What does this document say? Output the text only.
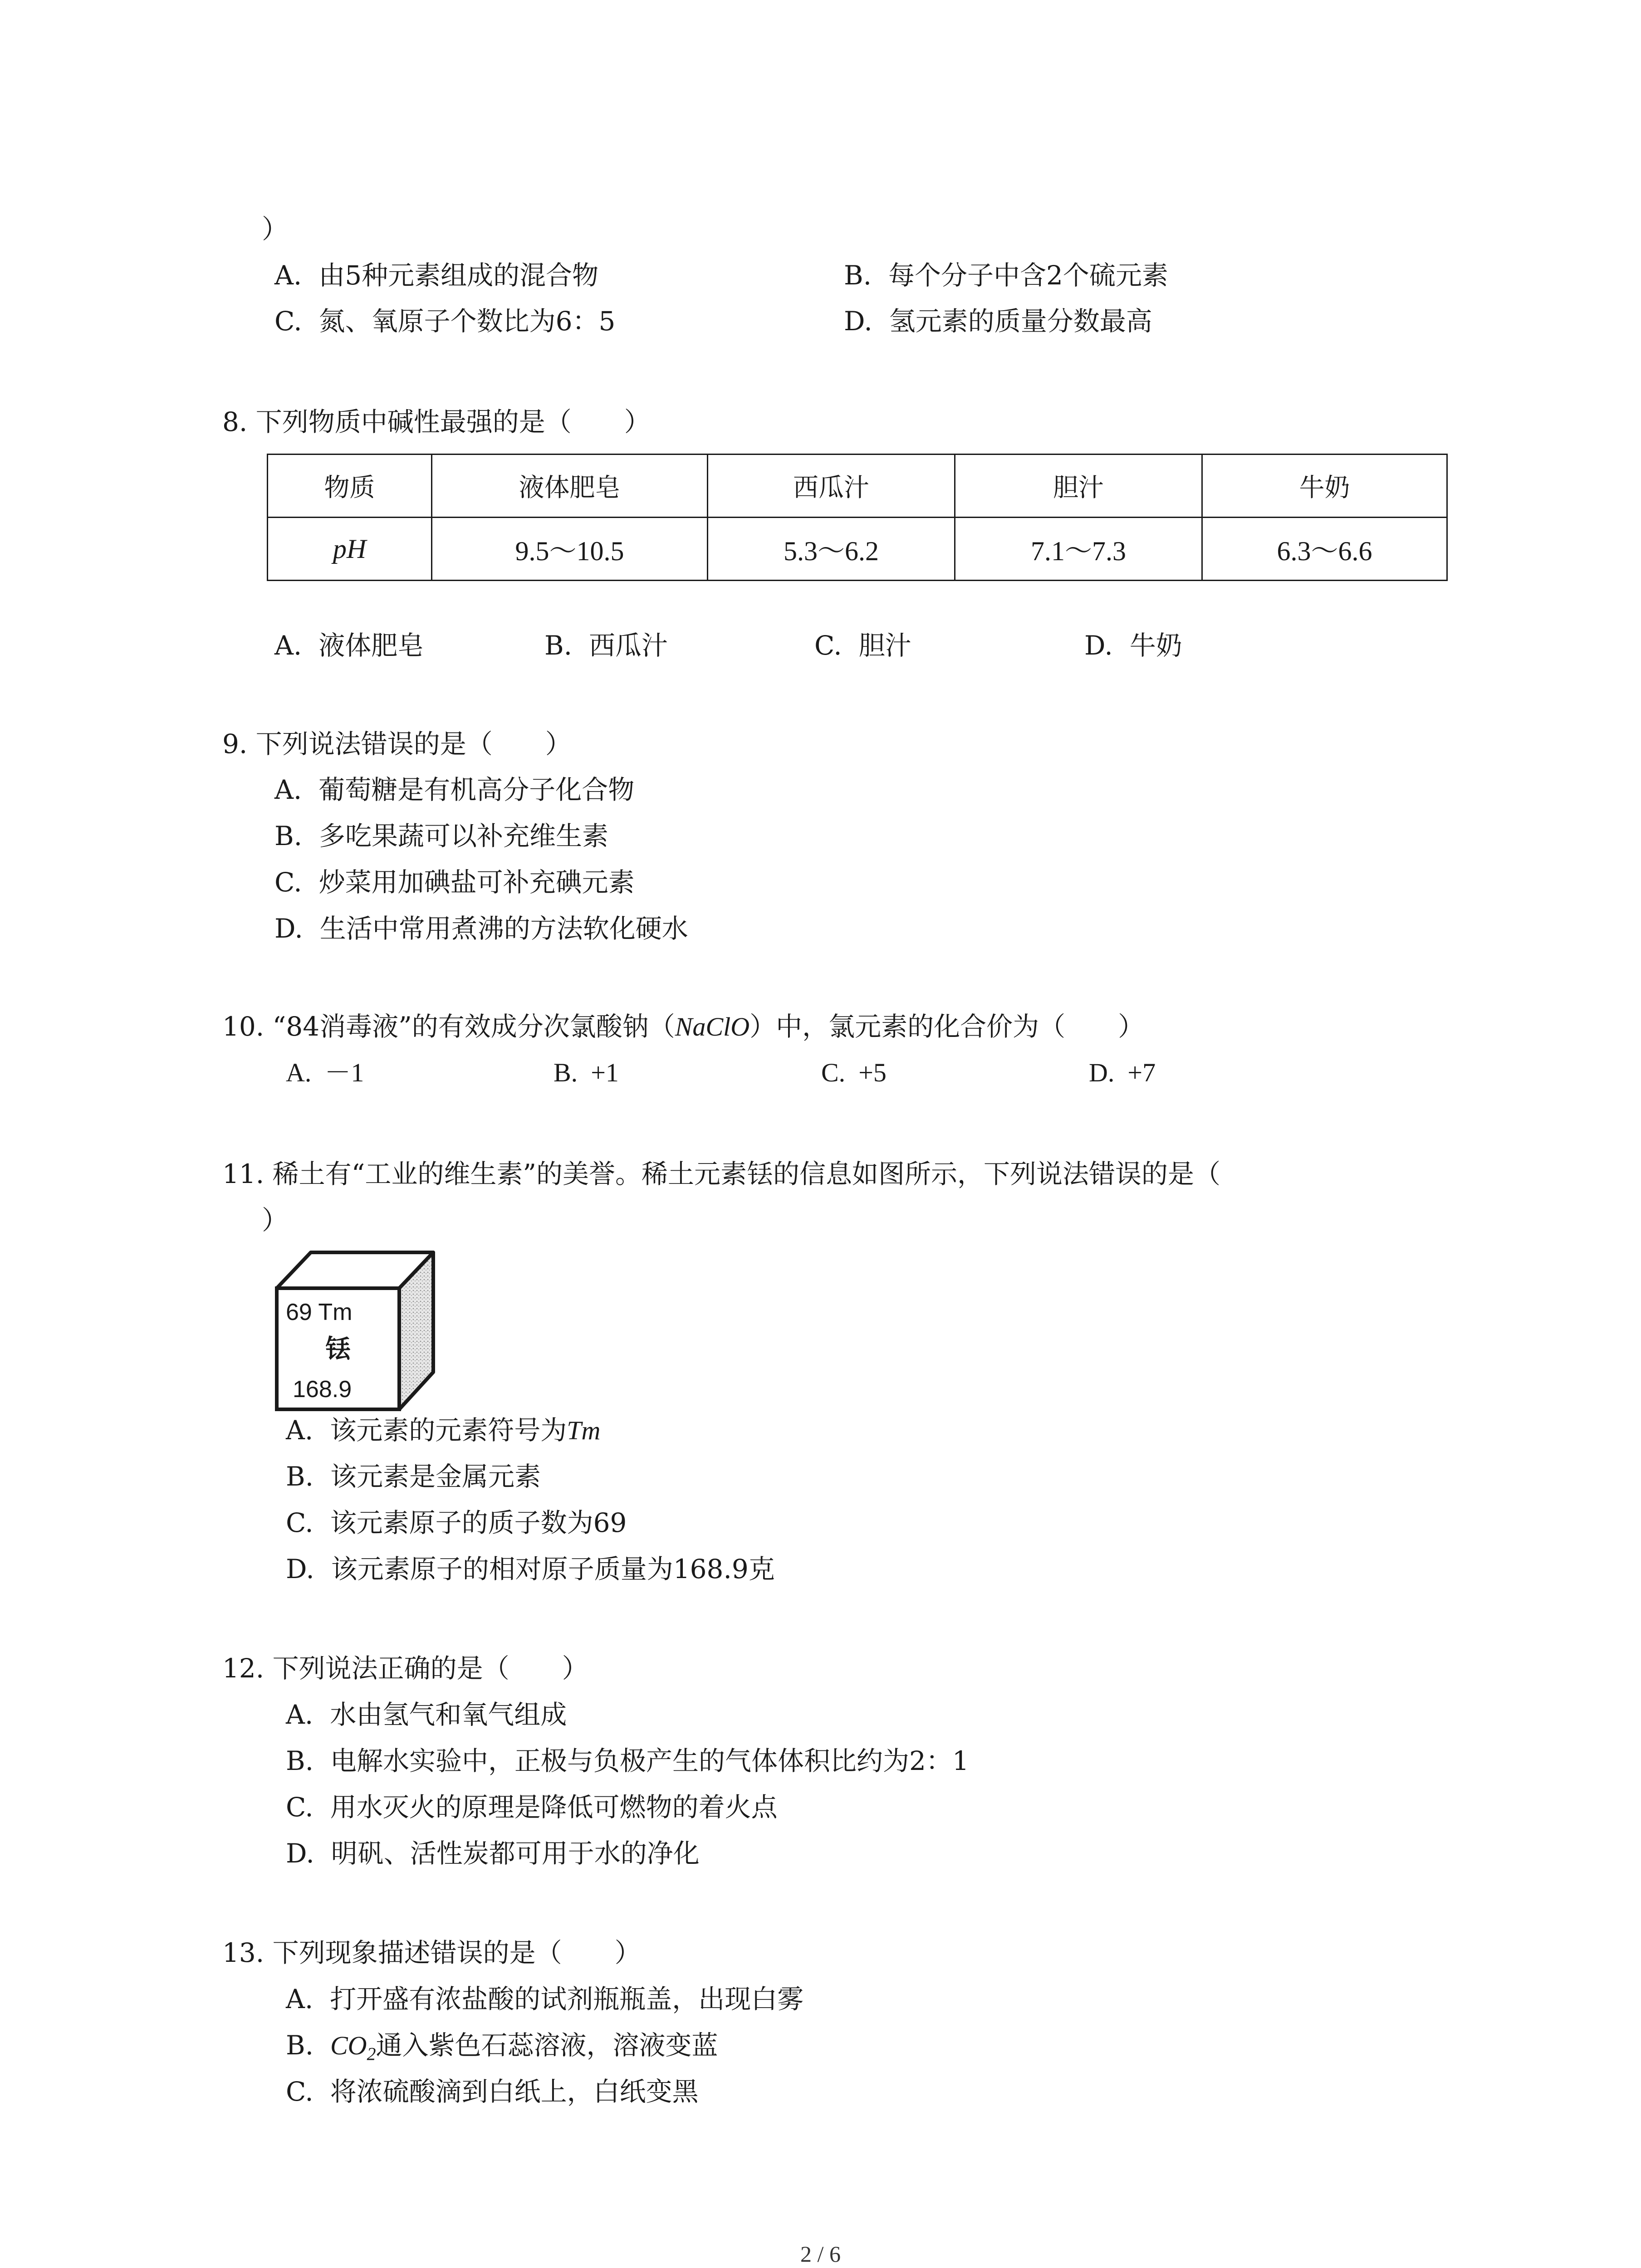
）
A. 由5种元素组成的混合物	B. 每个分子中含2个硫元素
C. 氮、氧原子个数比为6：5	D. 氢元素的质量分数最高
8. 下列物质中碱性最强的是（　　）
物质	液体肥皂	西瓜汁	胆汁	牛奶
pH	9.5～10.5	5.3～6.2	7.1～7.3	6.3～6.6
A. 液体肥皂	B. 西瓜汁	C. 胆汁	D. 牛奶
9. 下列说法错误的是（　　）
A. 葡萄糖是有机高分子化合物
B. 多吃果蔬可以补充维生素
C. 炒菜用加碘盐可补充碘元素
D. 生活中常用煮沸的方法软化硬水
10. “84消毒液”的有效成分次氯酸钠（NaClO）中，氯元素的化合价为（　　）
A. －1	B. +1	C. +5	D. +7
11. 稀土有“工业的维生素”的美誉。稀土元素铥的信息如图所示，下列说法错误的是（
）
69 Tm
铥
168.9
A. 该元素的元素符号为Tm
B. 该元素是金属元素
C. 该元素原子的质子数为69
D. 该元素原子的相对原子质量为168.9克
12. 下列说法正确的是（　　）
A. 水由氢气和氧气组成
B. 电解水实验中，正极与负极产生的气体体积比约为2：1
C. 用水灭火的原理是降低可燃物的着火点
D. 明矾、活性炭都可用于水的净化
13. 下列现象描述错误的是（　　）
A. 打开盛有浓盐酸的试剂瓶瓶盖，出现白雾
B. $CO_2$通入紫色石蕊溶液，溶液变蓝
C. 将浓硫酸滴到白纸上，白纸变黑
2 / 6
